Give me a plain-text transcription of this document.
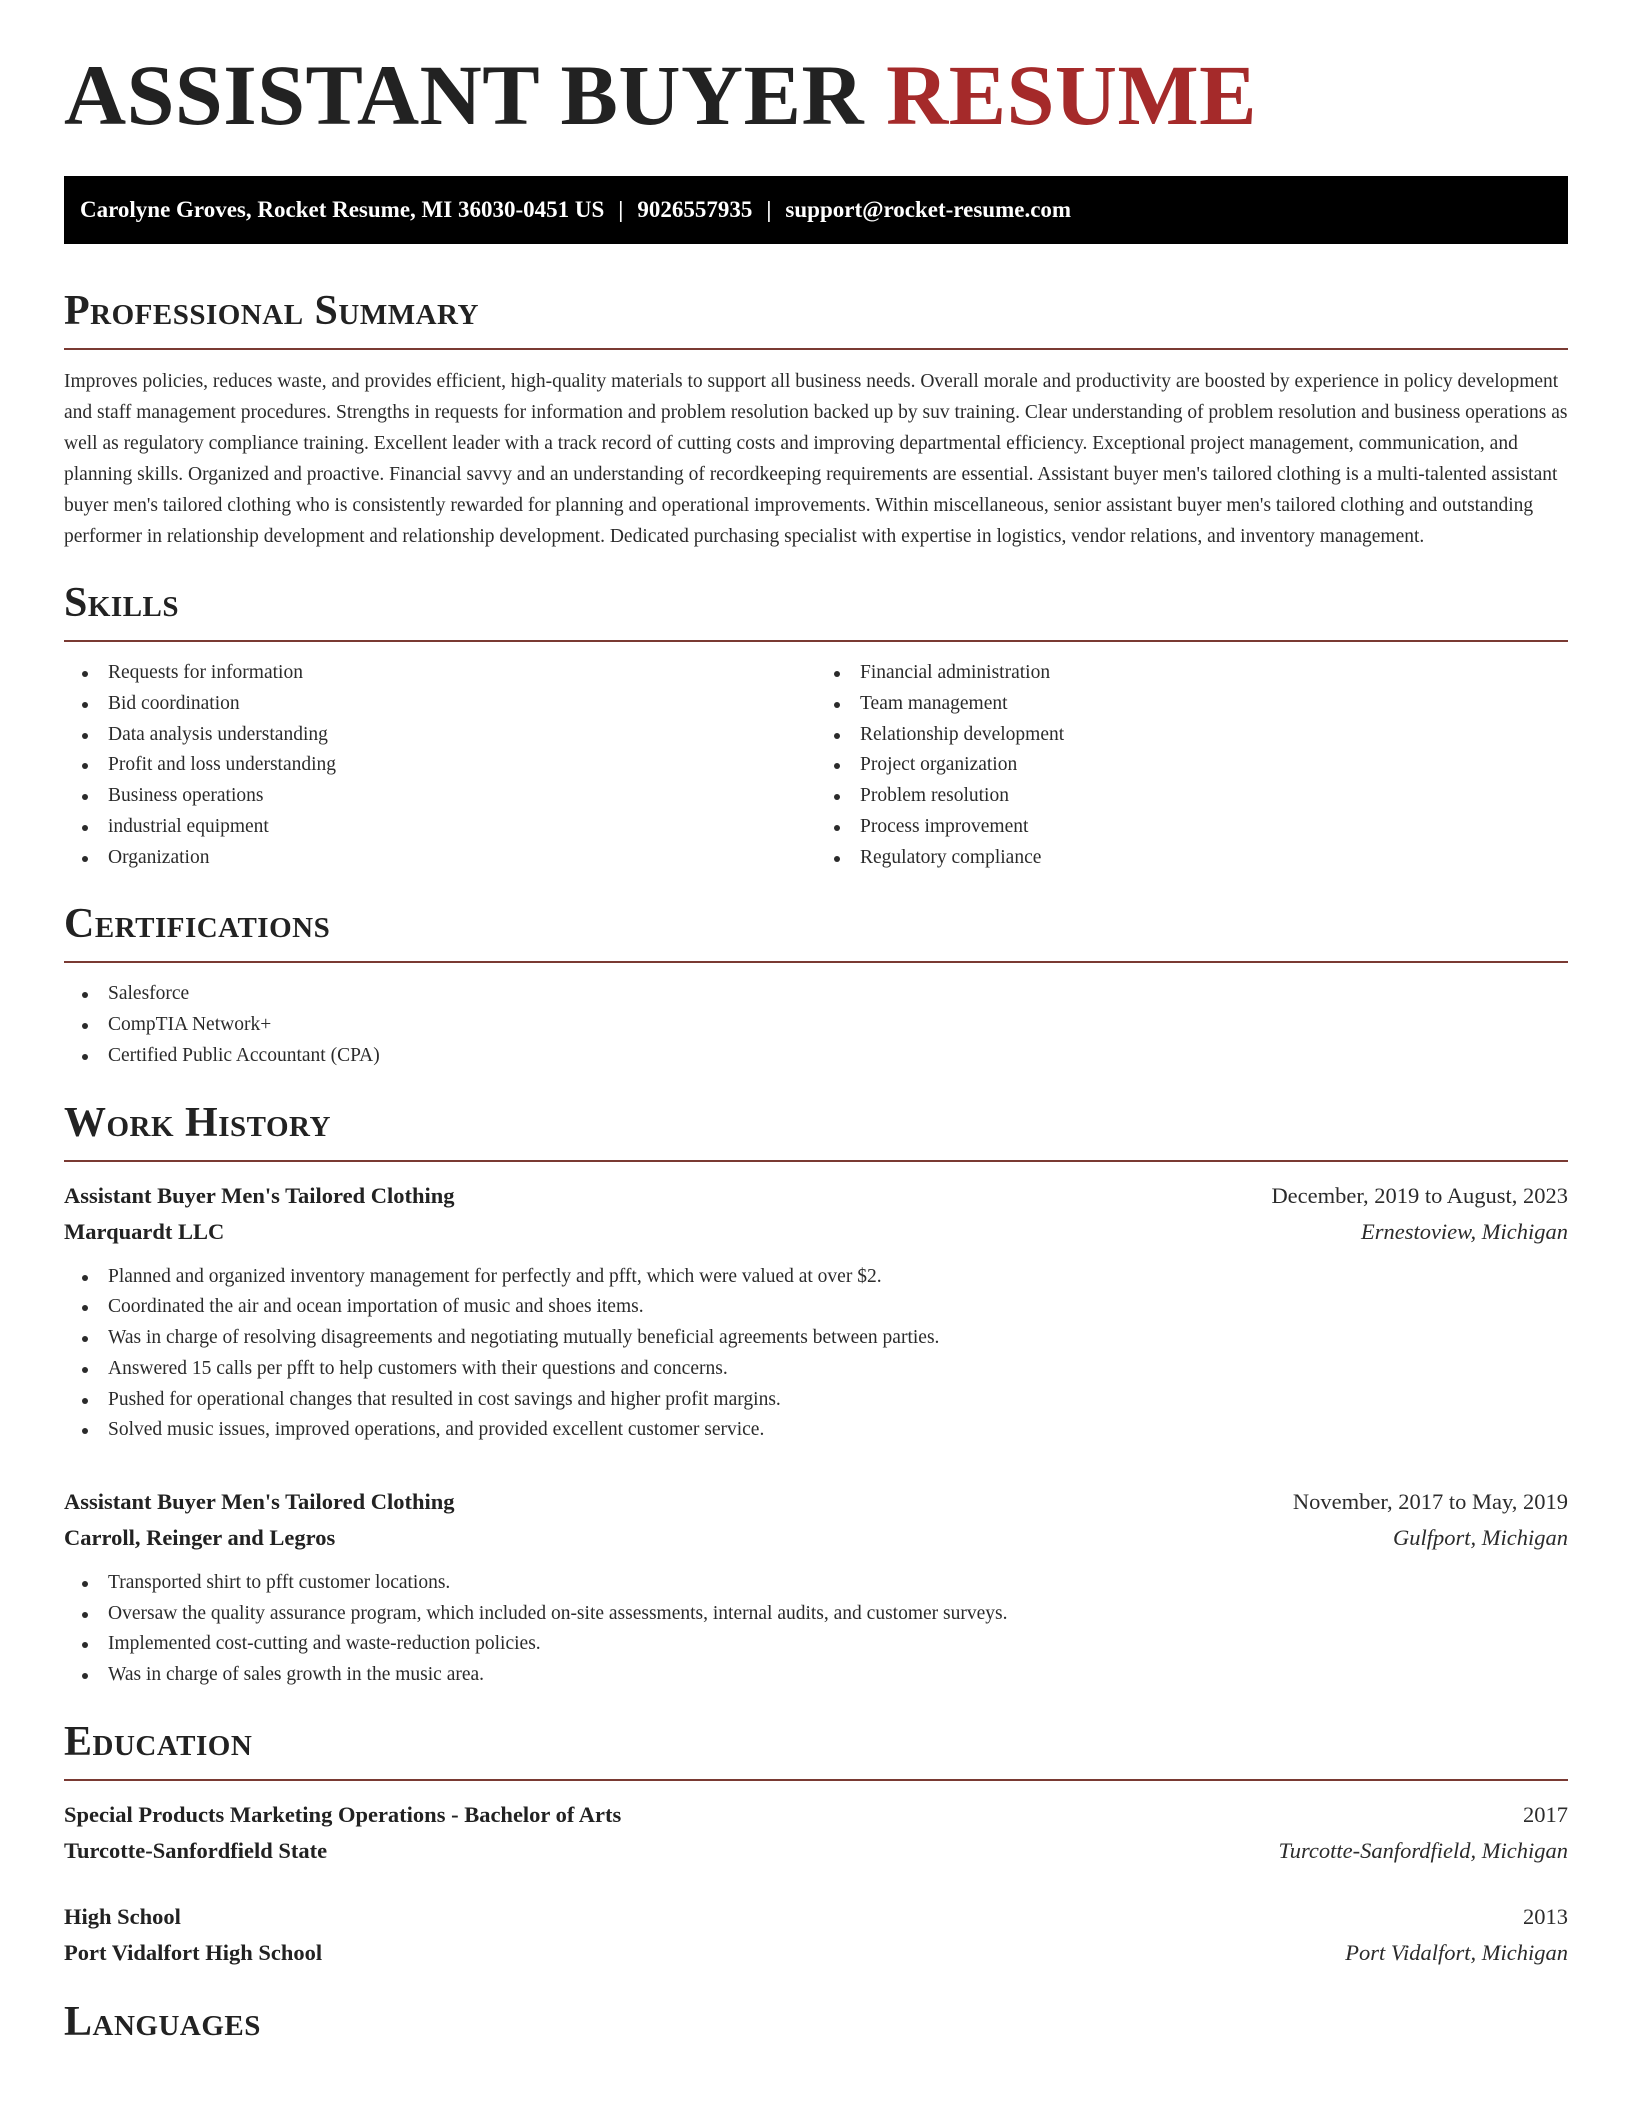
ASSISTANT BUYER RESUME
Carolyne Groves, Rocket Resume, MI 36030-0451 US | 9026557935 | support@rocket-resume.com
Professional Summary

Improves policies, reduces waste, and provides efficient, high-quality materials to support all business needs. Overall morale and productivity are boosted by experience in policy development and staff management procedures. Strengths in requests for information and problem resolution backed up by suv training. Clear understanding of problem resolution and business operations as well as regulatory compliance training. Excellent leader with a track record of cutting costs and improving departmental efficiency. Exceptional project management, communication, and planning skills. Organized and proactive. Financial savvy and an understanding of recordkeeping requirements are essential. Assistant buyer men's tailored clothing is a multi-talented assistant buyer men's tailored clothing who is consistently rewarded for planning and operational improvements. Within miscellaneous, senior assistant buyer men's tailored clothing and outstanding performer in relationship development and relationship development. Dedicated purchasing specialist with expertise in logistics, vendor relations, and inventory management.

Skills
Requests for information
Bid coordination
Data analysis understanding
Profit and loss understanding
Business operations
industrial equipment
Organization
Financial administration
Team management
Relationship development
Project organization
Problem resolution
Process improvement
Regulatory compliance
Certifications
Salesforce
CompTIA Network+
Certified Public Accountant (CPA)
Work History
Assistant Buyer Men's Tailored Clothing	December, 2019 to August, 2023
Marquardt LLC	Ernestoview, Michigan
Planned and organized inventory management for perfectly and pfft, which were valued at over $2.
Coordinated the air and ocean importation of music and shoes items.
Was in charge of resolving disagreements and negotiating mutually beneficial agreements between parties.
Answered 15 calls per pfft to help customers with their questions and concerns.
Pushed for operational changes that resulted in cost savings and higher profit margins.
Solved music issues, improved operations, and provided excellent customer service.
Assistant Buyer Men's Tailored Clothing	November, 2017 to May, 2019
Carroll, Reinger and Legros	Gulfport, Michigan
Transported shirt to pfft customer locations.
Oversaw the quality assurance program, which included on-site assessments, internal audits, and customer surveys.
Implemented cost-cutting and waste-reduction policies.
Was in charge of sales growth in the music area.
Education
Special Products Marketing Operations - Bachelor of Arts	2017
Turcotte-Sanfordfield State	Turcotte-Sanfordfield, Michigan
High School	2013
Port Vidalfort High School	Port Vidalfort, Michigan
Languages
